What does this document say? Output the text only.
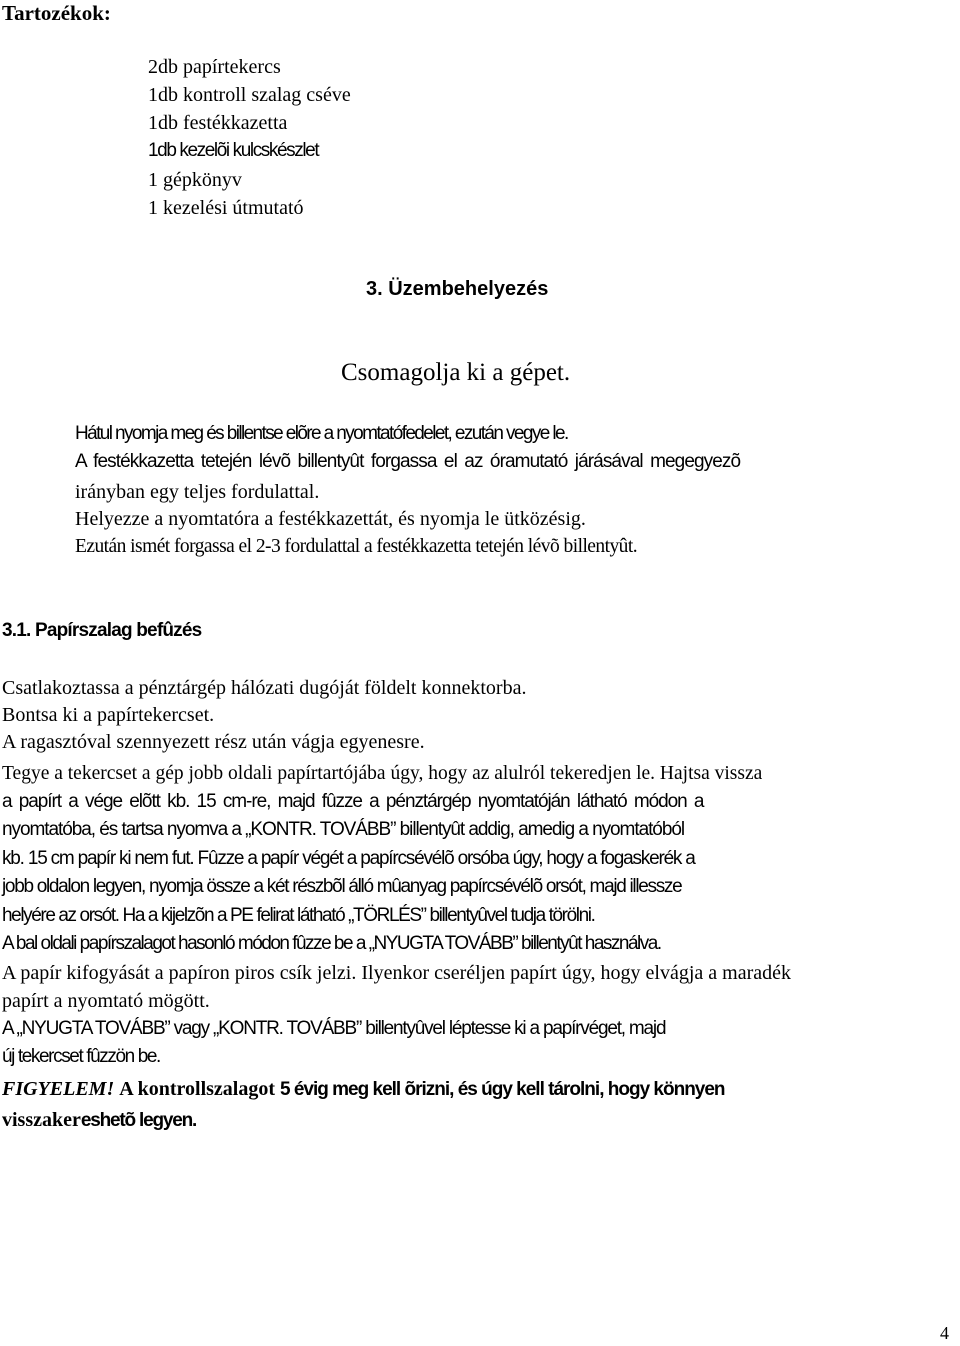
Tartozékok:
2db papírtekercs
1db kontroll szalag cséve
1db festékkazetta
1db kezelõi kulcskészlet
1 gépkönyv
1 kezelési útmutató
3. Üzembehelyezés
Csomagolja ki a gépet.
Hátul nyomja meg és billentse elõre a nyomtatófedelet, ezután vegye le.
A festékkazetta tetején lévõ billentyût forgassa el az óramutató járásával megegyezõ
irányban egy teljes fordulattal.
Helyezze a nyomtatóra a festékkazettát, és nyomja le ütközésig.
Ezután ismét forgassa el 2-3 fordulattal a festékkazetta tetején lévõ billentyût.
3.1. Papírszalag befûzés
Csatlakoztassa a pénztárgép hálózati dugóját földelt konnektorba.
Bontsa ki a papírtekercset.
A ragasztóval szennyezett rész után vágja egyenesre.
Tegye a tekercset a gép jobb oldali papírtartójába úgy, hogy az alulról tekeredjen le. Hajtsa vissza
a papírt a vége elõtt kb. 15 cm-re, majd fûzze a pénztárgép nyomtatóján látható módon a
nyomtatóba, és tartsa nyomva a „KONTR. TOVÁBB” billentyût addig, amedig a nyomtatóból
kb. 15 cm papír ki nem fut. Fûzze a papír végét a papírcsévélõ orsóba úgy, hogy a fogaskerék a
jobb oldalon legyen, nyomja össze a két részbõl álló mûanyag papírcsévélõ orsót, majd illessze
helyére az orsót. Ha a kijelzõn a PE felirat látható „TÖRLÉS” billentyûvel tudja törölni.
A bal oldali papírszalagot hasonló módon fûzze be a „NYUGTA TOVÁBB” billentyût használva.
A papír kifogyását a papíron piros csík jelzi. Ilyenkor cseréljen papírt úgy, hogy elvágja a maradék
papírt a nyomtató mögött.
A „NYUGTA TOVÁBB” vagy „KONTR. TOVÁBB” billentyûvel léptesse ki a papírvéget, majd
új tekercset fûzzön be.
FIGYELEM! A kontrollszalagot 5 évig meg kell õrizni, és úgy kell tárolni, hogy könnyen
visszakereshetõ legyen.
4
